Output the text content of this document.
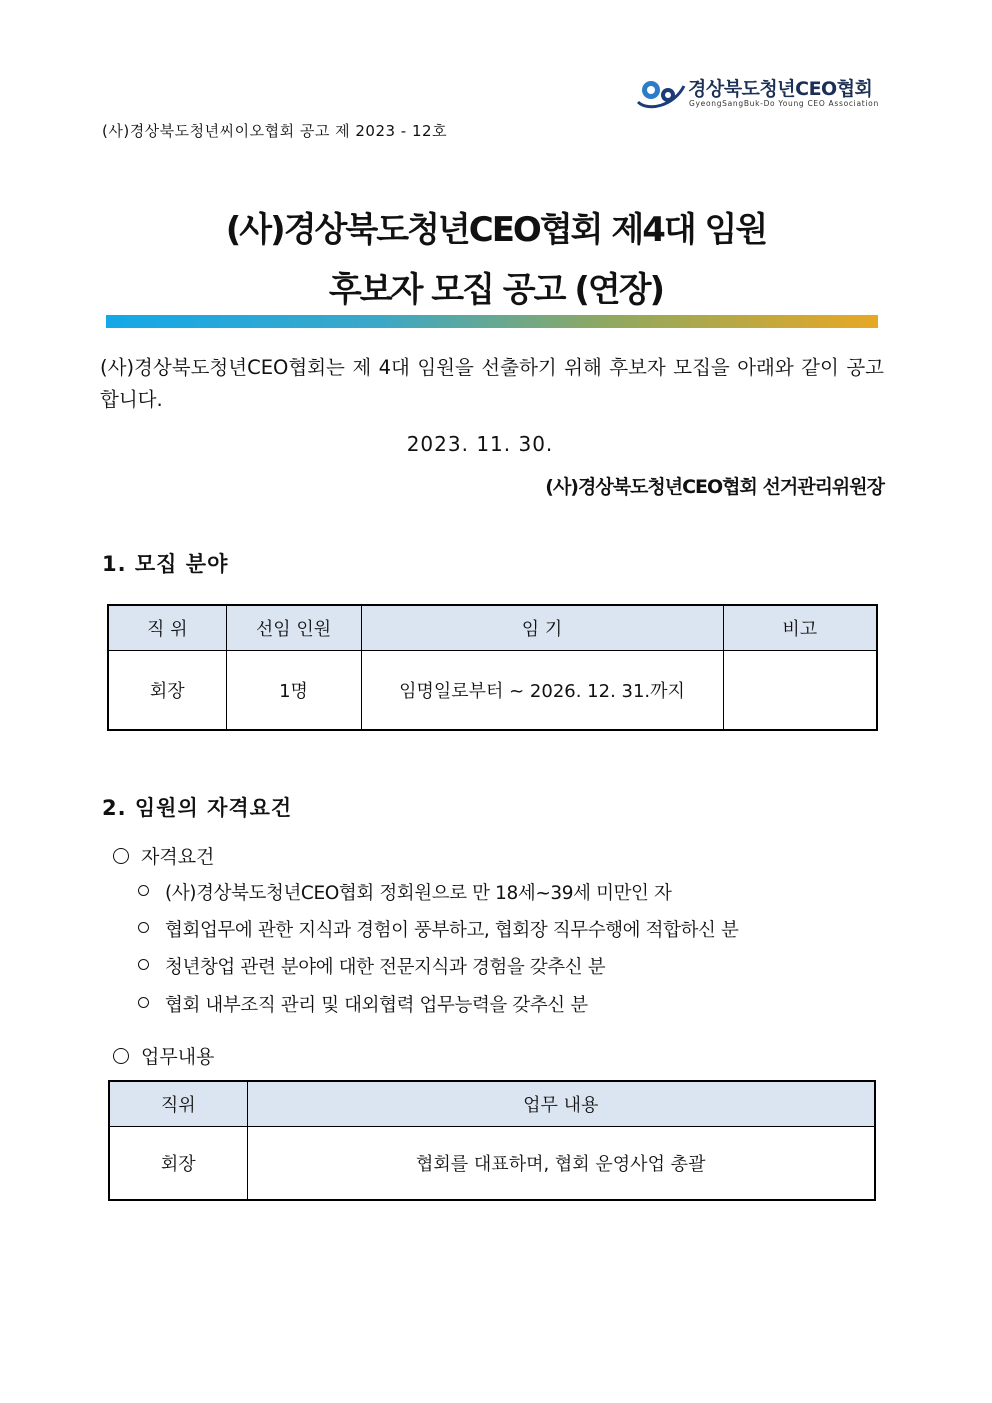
경상북도청년CEO협회
GyeongSangBuk-Do Young CEO Association
(사)경상북도청년씨이오협회 공고 제 2023 - 12호
(사)경상북도청년CEO협회 제4대 임원
후보자 모집 공고 (연장)
(사)경상북도청년CEO협회는 제 4대 임원을 선출하기 위해 후보자 모집을 아래와 같이 공고합니다.
2023. 11. 30.
(사)경상북도청년CEO협회 선거관리위원장
1. 모집 분야
직 위	선임 인원	임 기	비고
회장	1명	임명일로부터 ~ 2026. 12. 31.까지	
2. 임원의 자격요건
자격요건
(사)경상북도청년CEO협회 정회원으로 만 18세~39세 미만인 자
협회업무에 관한 지식과 경험이 풍부하고, 협회장 직무수행에 적합하신 분
청년창업 관련 분야에 대한 전문지식과 경험을 갖추신 분
협회 내부조직 관리 및 대외협력 업무능력을 갖추신 분
업무내용
직위	업무 내용
회장	협회를 대표하며, 협회 운영사업 총괄
